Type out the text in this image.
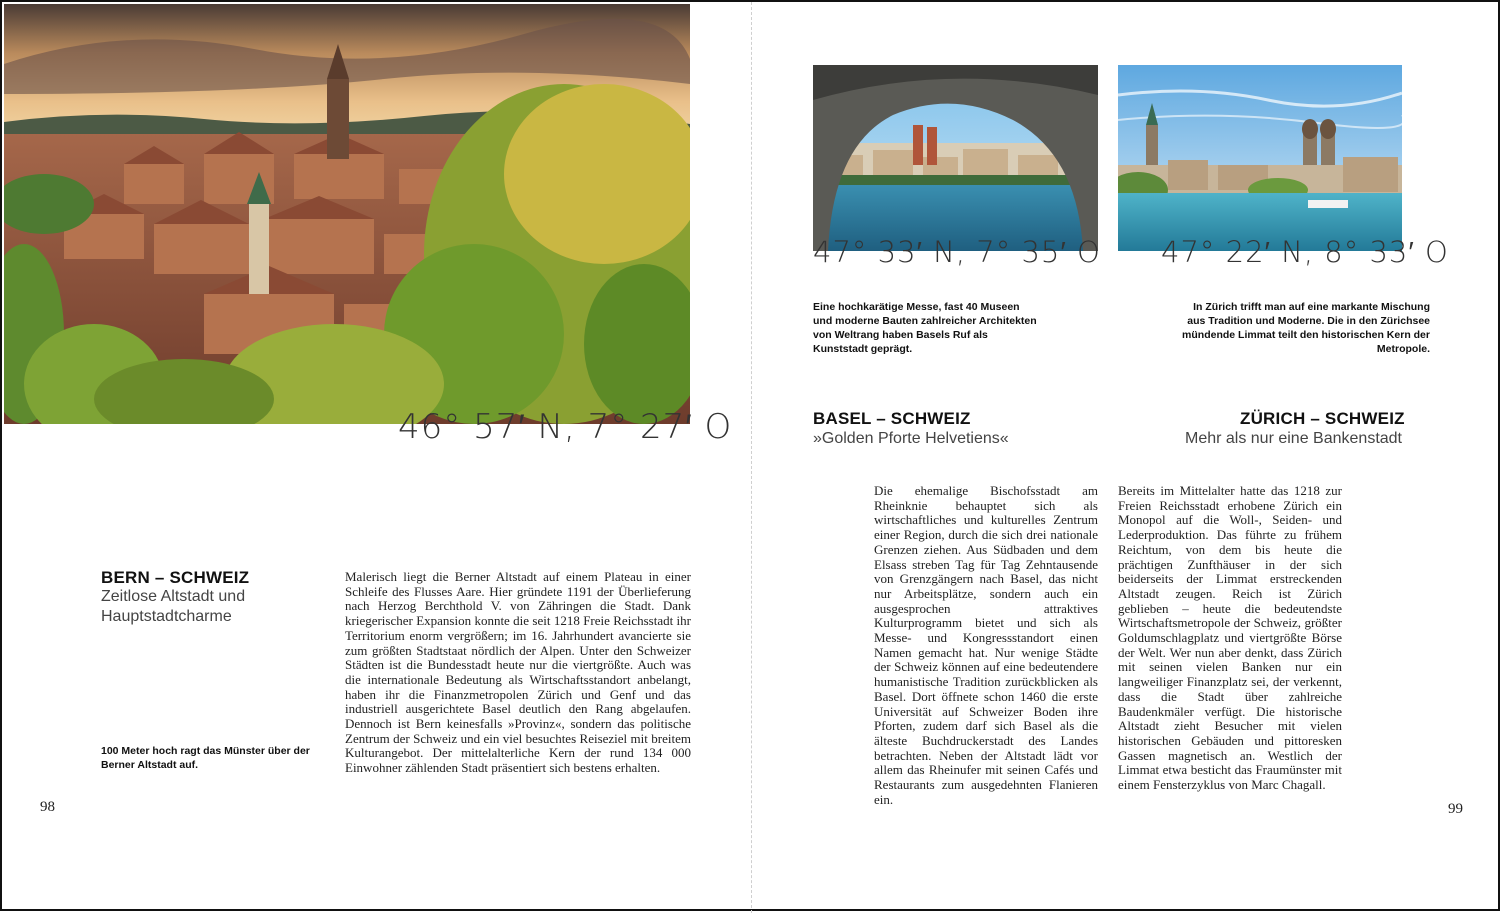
46° 57′ N, 7° 27′ O
BERN – SCHWEIZ
Zeitlose Altstadt und Hauptstadtcharme
100 Meter hoch ragt das Münster über der Berner Altstadt auf.
Malerisch liegt die Berner Altstadt auf einem Plateau in einer Schleife des Flusses Aare. Hier gründete 1191 der Überlieferung nach Herzog Berchthold V. von Zähringen die Stadt. Dank kriegerischer Expansion konnte die seit 1218 Freie Reichsstadt ihr Territorium enorm vergrößern; im 16. Jahrhundert avancierte sie zum größten Stadtstaat nördlich der Alpen. Unter den Schweizer Städten ist die Bundesstadt heute nur die viertgrößte. Auch was die internationale Bedeutung als Wirtschaftsstandort anbelangt, haben ihr die Finanzmetropolen Zürich und Genf und das industriell ausgerichtete Basel deutlich den Rang abgelaufen. Dennoch ist Bern keinesfalls »Provinz«, sondern das politische Zentrum der Schweiz und ein viel besuchtes Reiseziel mit breitem Kulturangebot. Der mittelalterliche Kern der rund 134 000 Einwohner zählenden Stadt präsentiert sich bestens erhalten.
98
47° 33′ N, 7° 35′ O
Eine hochkarätige Messe, fast 40 Museen und moderne Bauten zahlreicher Architekten von Weltrang haben Basels Ruf als Kunststadt geprägt.
BASEL – SCHWEIZ
»Golden Pforte Helvetiens«
Die ehemalige Bischofsstadt am Rheinknie behauptet sich als wirtschaftliches und kulturelles Zentrum einer Region, durch die sich drei nationale Grenzen ziehen. Aus Südbaden und dem Elsass streben Tag für Tag Zehntausende von Grenzgängern nach Basel, das nicht nur Arbeitsplätze, sondern auch ein ausgesprochen attraktives Kulturprogramm bietet und sich als Messe- und Kongressstandort einen Namen gemacht hat. Nur wenige Städte der Schweiz können auf eine bedeutendere humanistische Tradition zurückblicken als Basel. Dort öffnete schon 1460 die erste Universität auf Schweizer Boden ihre Pforten, zudem darf sich Basel als die älteste Buchdruckerstadt des Landes betrachten. Neben der Altstadt lädt vor allem das Rheinufer mit seinen Cafés und Restaurants zum ausgedehnten Flanieren ein.
47° 22′ N, 8° 33′ O
In Zürich trifft man auf eine markante Mischung aus Tradition und Moderne. Die in den Zürichsee mündende Limmat teilt den historischen Kern der Metropole.
ZÜRICH – SCHWEIZ
Mehr als nur eine Bankenstadt
Bereits im Mittelalter hatte das 1218 zur Freien Reichsstadt erhobene Zürich ein Monopol auf die Woll-, Seiden- und Lederproduktion. Das führte zu frühem Reichtum, von dem bis heute die prächtigen Zunfthäuser in der sich beiderseits der Limmat erstreckenden Altstadt zeugen. Reich ist Zürich geblieben – heute die bedeutendste Wirtschaftsmetropole der Schweiz, größter Goldumschlagplatz und viertgrößte Börse der Welt. Wer nun aber denkt, dass Zürich mit seinen vielen Banken nur ein langweiliger Finanzplatz sei, der verkennt, dass die Stadt über zahlreiche Baudenkmäler verfügt. Die historische Altstadt zieht Besucher mit vielen historischen Gebäuden und pittoresken Gassen magnetisch an. Westlich der Limmat etwa besticht das Fraumünster mit einem Fensterzyklus von Marc Chagall.
99
